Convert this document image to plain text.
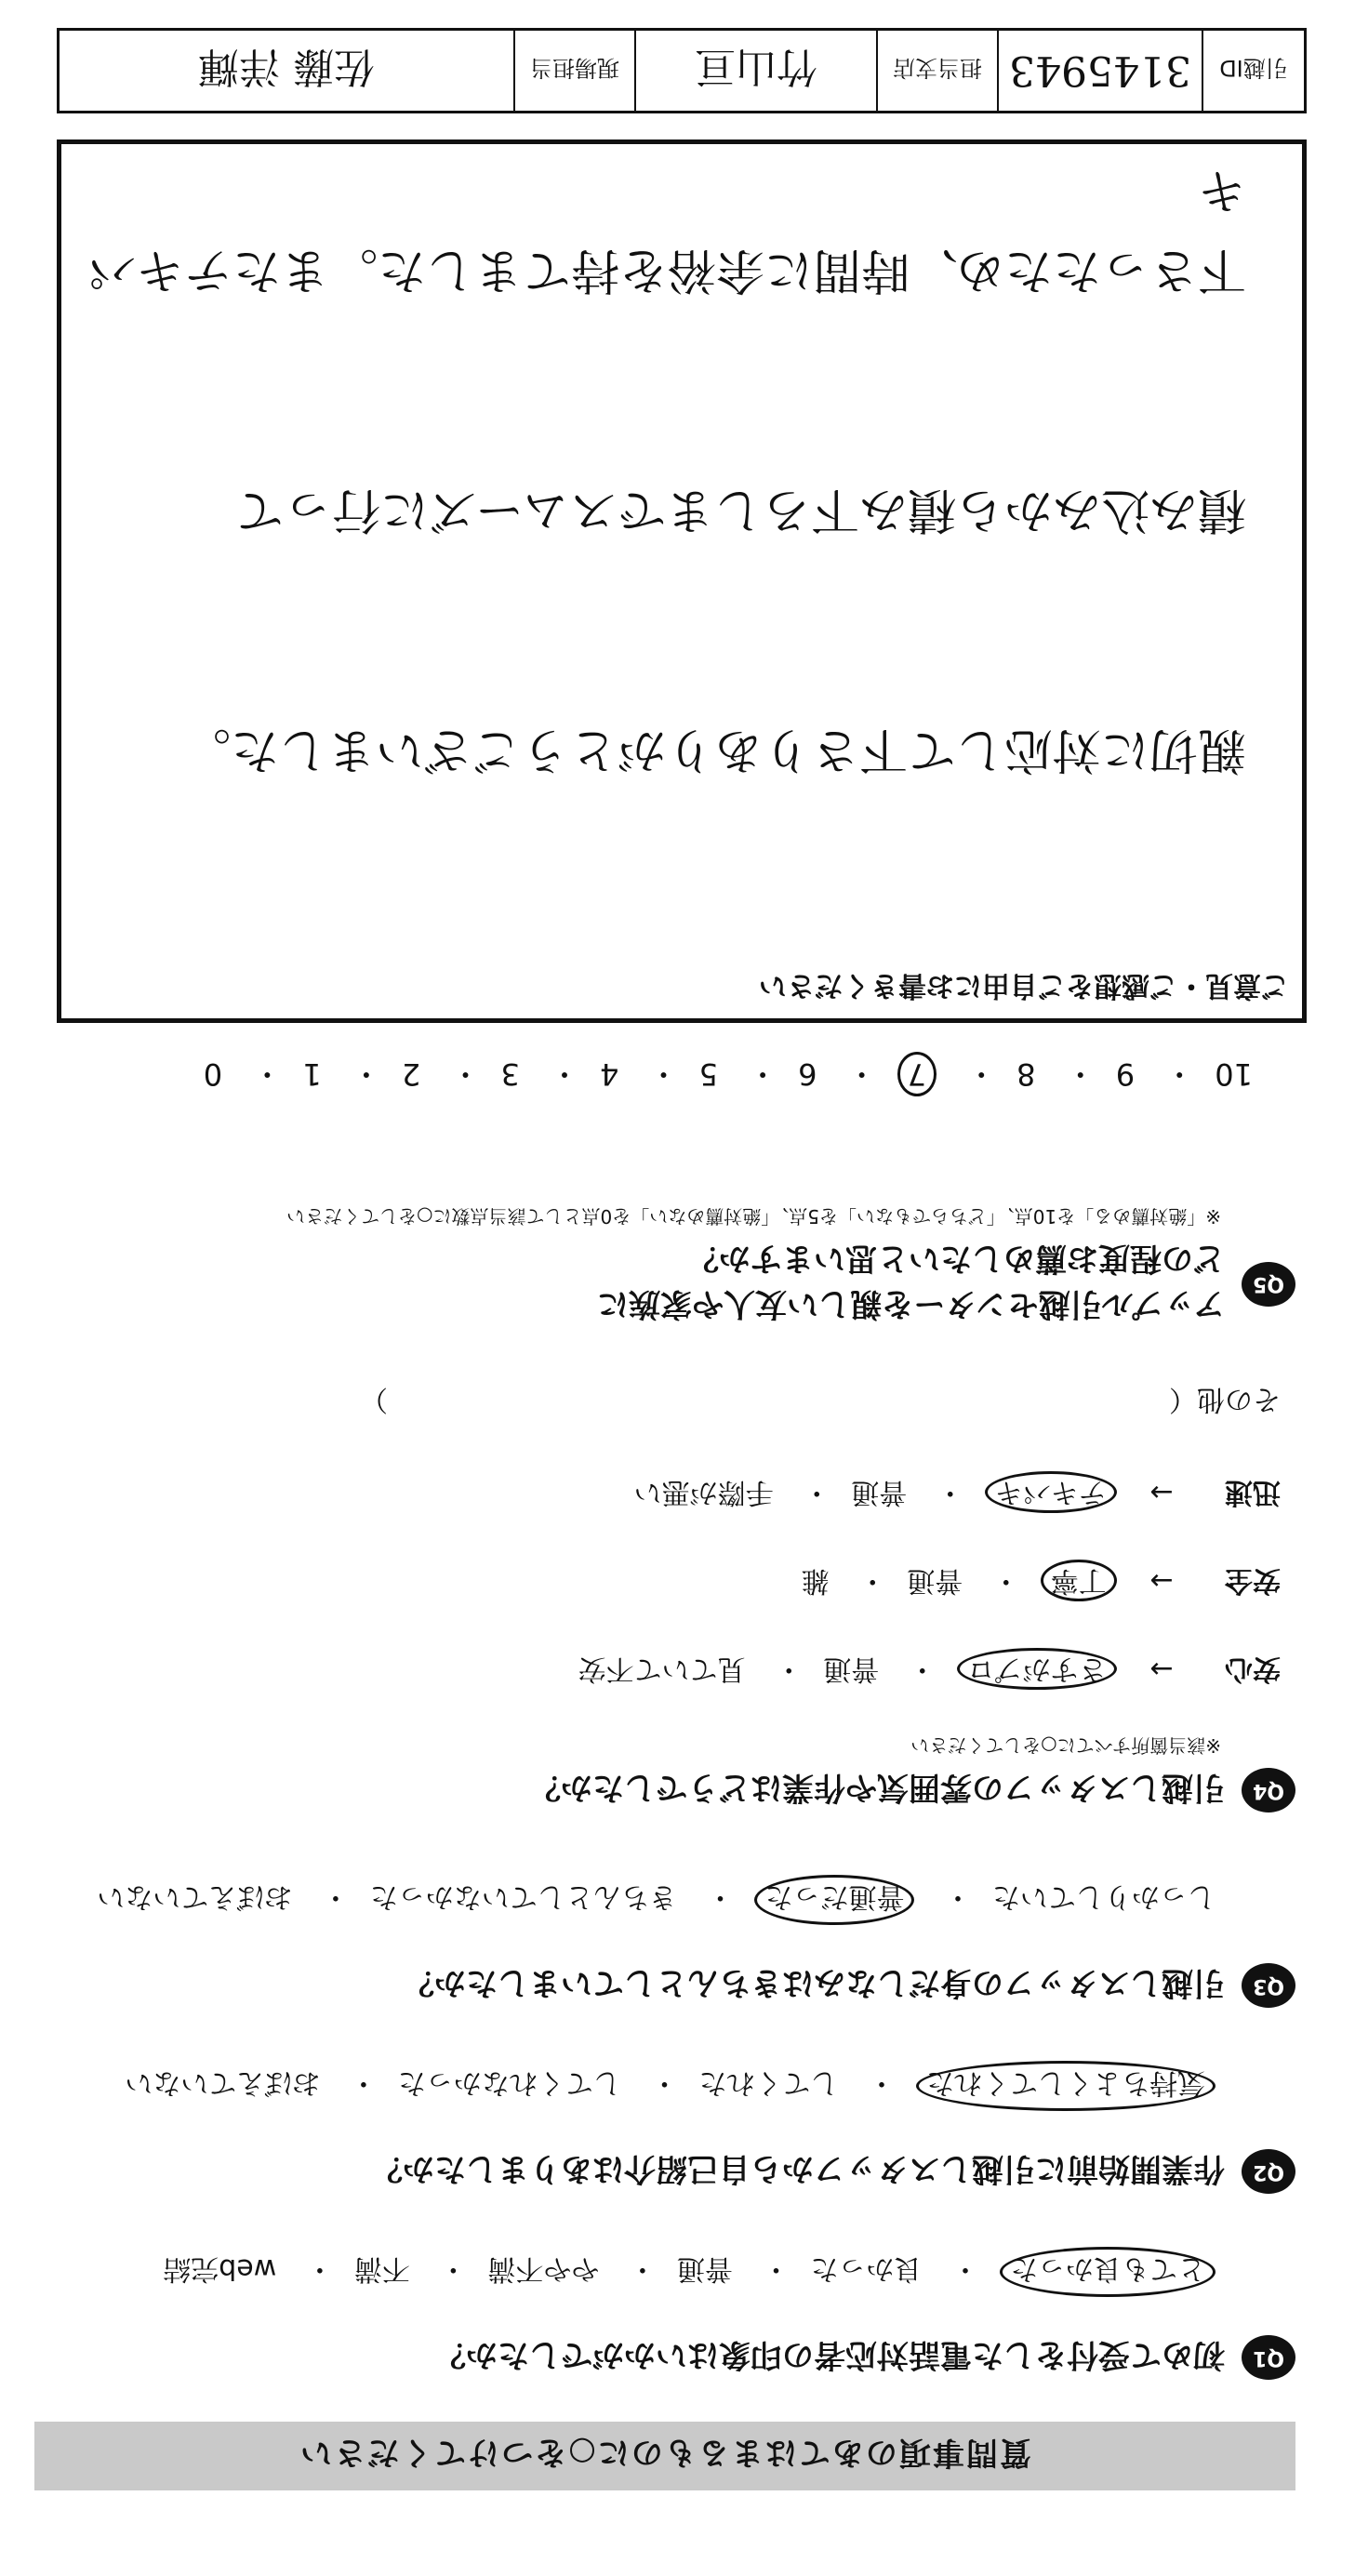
質問事項のあてはまるものに○をつけてください
Q1
初めて受付をした電話対応者の印象はいかがでしたか？
とても良かった・ 良かった・ 普通・ やや不満・ 不満・ web完結
Q2
作業開始前に引越しスタッフから自己紹介はありましたか？
気持ちよくしてくれた・ してくれた・ してくれなかった・ おぼえていない
Q3
引越しスタッフの身だしなみはきちんとしていましたか？
しっかりしていた・ 普通だった・ きちんとしていなかった・ おぼえていない
Q4
引越しスタッフの雰囲気や作業はどうでしたか？
※該当箇所すべてに○をしてください
安心 → さすがプロ・ 普通・ 見ていて不安
安全 → 丁寧・ 普通・ 雑
迅速 → テキパキ・ 普通・ 手際が悪い
その他（　　　　　　　　　　　　　　　　　　　　　　　　　　　　）
Q5
アップル引越センターを親しい友人や家族に
どの程度お薦めしたいと思いますか？
※「絶対薦める」を10点、「どちらでもない」を5点、「絶対薦めない」を0点として該当点数に○をしてください
10・ 9・ 8・ 7・ 6・ 5・ 4・ 3・ 2・ 1・ 0
ご意見・ご感想をご自由にお書きください

親切に対応して下さりありがとうございました。

積み込みから積み下ろしまでスムーズに行って

下さったため、時間に余裕を持てました。またテキパキ

引越ID
3145943
担当支店
竹山亘
現場担当
佐藤 洋輝
